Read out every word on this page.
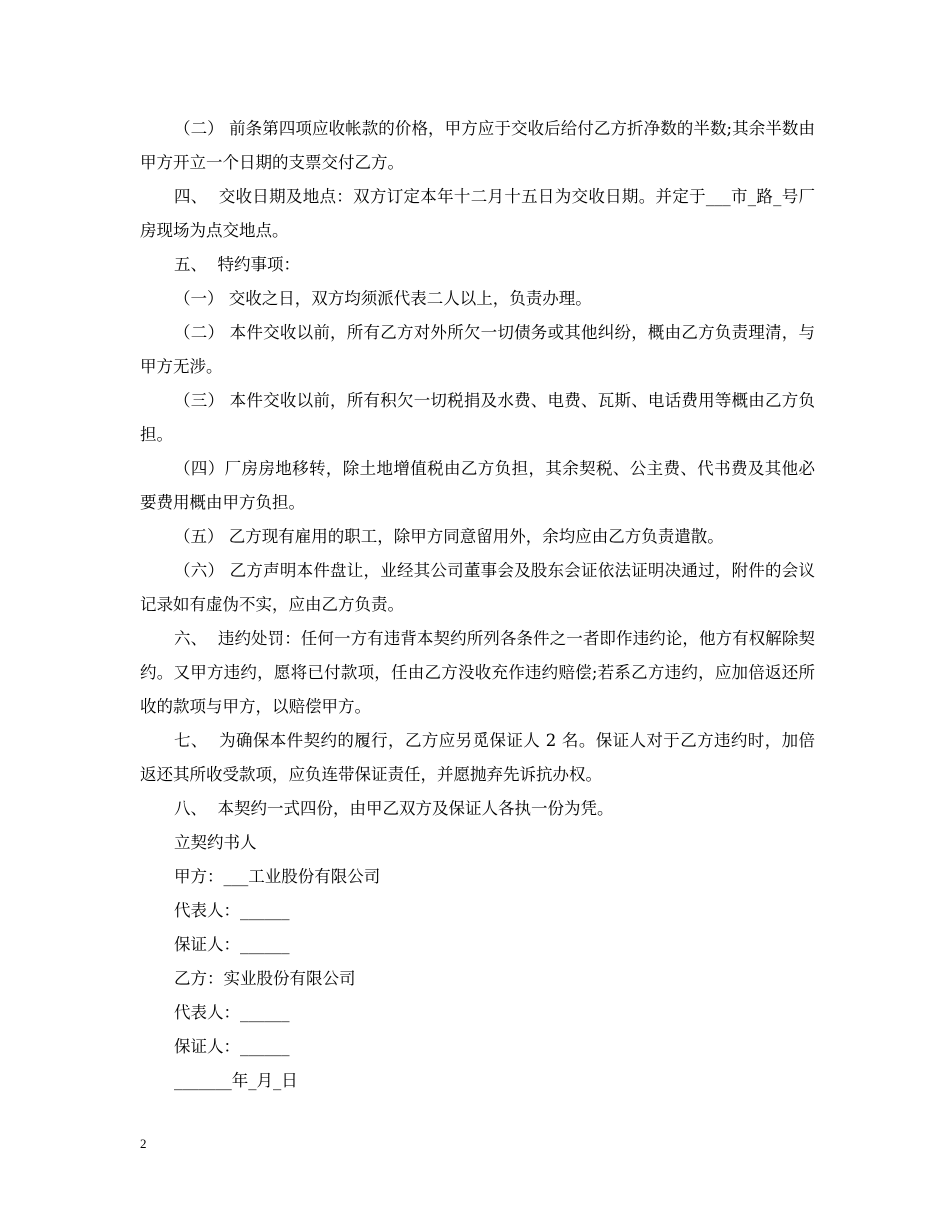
（二） 前条第四项应收帐款的价格，甲方应于交收后给付乙方折净数的半数;其余半数由甲方开立一个日期的支票交付乙方。

四、  交收日期及地点：双方订定本年十二月十五日为交收日期。并定于___市_路_号厂房现场为点交地点。

五、  特约事项：

（一） 交收之日，双方均须派代表二人以上，负责办理。

（二） 本件交收以前，所有乙方对外所欠一切债务或其他纠纷，概由乙方负责理清，与甲方无涉。

（三） 本件交收以前，所有积欠一切税捐及水费、电费、瓦斯、电话费用等概由乙方负担。

（四）厂房房地移转，除土地增值税由乙方负担，其余契税、公主费、代书费及其他必要费用概由甲方负担。

（五） 乙方现有雇用的职工，除甲方同意留用外，余均应由乙方负责遣散。

（六） 乙方声明本件盘让，业经其公司董事会及股东会证依法证明决通过，附件的会议记录如有虚伪不实，应由乙方负责。

六、  违约处罚：任何一方有违背本契约所列各条件之一者即作违约论，他方有权解除契约。又甲方违约，愿将已付款项，任由乙方没收充作违约赔偿;若系乙方违约，应加倍返还所收的款项与甲方，以赔偿甲方。

七、  为确保本件契约的履行，乙方应另觅保证人 2 名。保证人对于乙方违约时，加倍返还其所收受款项，应负连带保证责任，并愿抛弃先诉抗办权。

八、  本契约一式四份，由甲乙双方及保证人各执一份为凭。

立契约书人

甲方：___工业股份有限公司

代表人：______

保证人：______

乙方：实业股份有限公司

代表人：______

保证人：______

_______年_月_日

2
